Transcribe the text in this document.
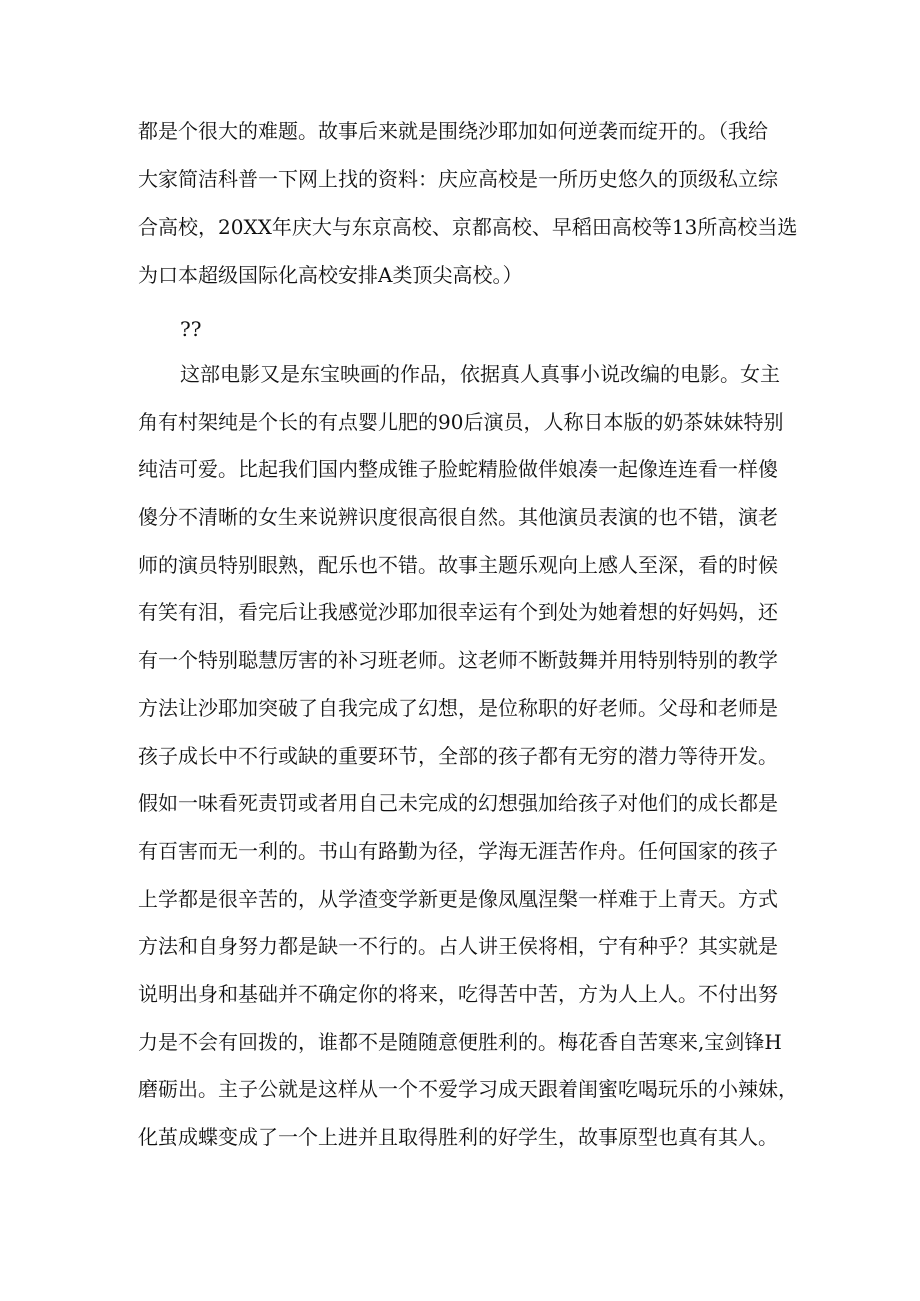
都是个很大的难题。故事后来就是围绕沙耶加如何逆袭而绽开的。（我给
大家简洁科普一下网上找的资料：庆应高校是一所历史悠久的顶级私立综
合高校，20XX年庆大与东京高校、京都高校、早稻田高校等13所高校当选
为口本超级国际化高校安排A类顶尖高校。）
??
这部电影又是东宝映画的作品，依据真人真事小说改编的电影。女主
角有村架纯是个长的有点婴儿肥的90后演员，人称日本版的奶茶妹妹特别
纯洁可爱。比起我们国内整成锥子脸蛇精脸做伴娘凑一起像连连看一样傻
傻分不清晰的女生来说辨识度很高很自然。其他演员表演的也不错，演老
师的演员特别眼熟，配乐也不错。故事主题乐观向上感人至深，看的时候
有笑有泪，看完后让我感觉沙耶加很幸运有个到处为她着想的好妈妈，还
有一个特别聪慧厉害的补习班老师。这老师不断鼓舞并用特别特别的教学
方法让沙耶加突破了自我完成了幻想，是位称职的好老师。父母和老师是
孩子成长中不行或缺的重要环节，全部的孩子都有无穷的潜力等待开发。
假如一味看死责罚或者用自己未完成的幻想强加给孩子对他们的成长都是
有百害而无一利的。书山有路勤为径，学海无涯苦作舟。任何国家的孩子
上学都是很辛苦的，从学渣变学新更是像凤凰涅槃一样难于上青天。方式
方法和自身努力都是缺一不行的。占人讲王侯将相，宁有种乎？其实就是
说明出身和基础并不确定你的将来，吃得苦中苦，方为人上人。不付出努
力是不会有回拨的，谁都不是随随意便胜利的。梅花香自苦寒来,宝剑锋H
磨砺出。主子公就是这样从一个不爱学习成天跟着闺蜜吃喝玩乐的小辣妹，
化茧成蝶变成了一个上进并且取得胜利的好学生，故事原型也真有其人。
